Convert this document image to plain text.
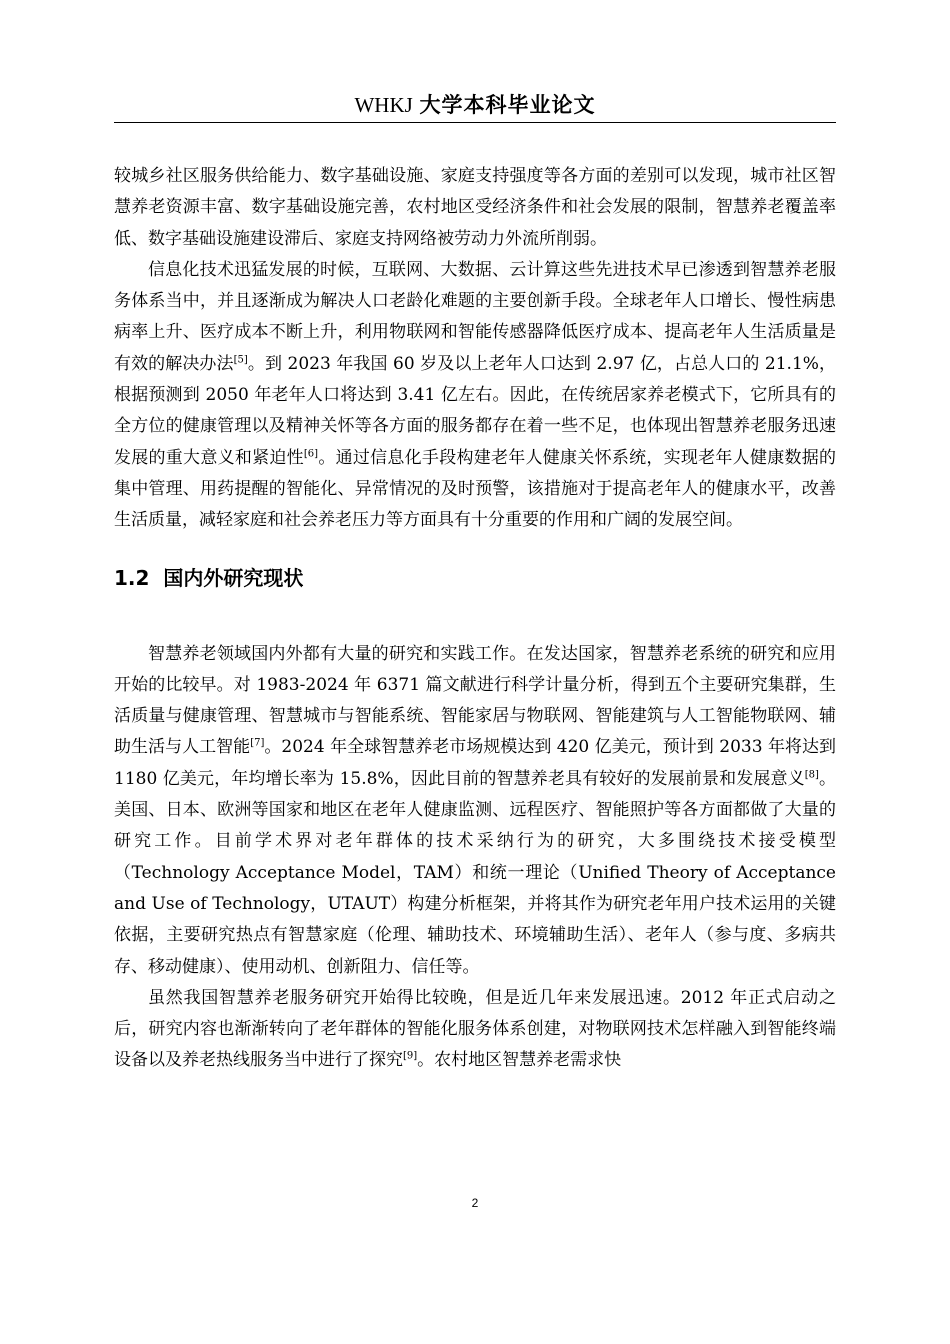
WHKJ 大学本科毕业论文

较城乡社区服务供给能力、数字基础设施、家庭支持强度等各方面的差别可以发现，城市社区智慧养老资源丰富、数字基础设施完善，农村地区受经济条件和社会发展的限制，智慧养老覆盖率低、数字基础设施建设滞后、家庭支持网络被劳动力外流所削弱。

信息化技术迅猛发展的时候，互联网、大数据、云计算这些先进技术早已渗透到智慧养老服务体系当中，并且逐渐成为解决人口老龄化难题的主要创新手段。全球老年人口增长、慢性病患病率上升、医疗成本不断上升，利用物联网和智能传感器降低医疗成本、提高老年人生活质量是有效的解决办法[5]。到 2023 年我国 60 岁及以上老年人口达到 2.97 亿，占总人口的 21.1%，根据预测到 2050 年老年人口将达到 3.41 亿左右。因此，在传统居家养老模式下，它所具有的全方位的健康管理以及精神关怀等各方面的服务都存在着一些不足，也体现出智慧养老服务迅速发展的重大意义和紧迫性[6]。通过信息化手段构建老年人健康关怀系统，实现老年人健康数据的集中管理、用药提醒的智能化、异常情况的及时预警，该措施对于提高老年人的健康水平，改善生活质量，减轻家庭和社会养老压力等方面具有十分重要的作用和广阔的发展空间。

1.2 国内外研究现状

智慧养老领域国内外都有大量的研究和实践工作。在发达国家，智慧养老系统的研究和应用开始的比较早。对 1983-2024 年 6371 篇文献进行科学计量分析，得到五个主要研究集群，生活质量与健康管理、智慧城市与智能系统、智能家居与物联网、智能建筑与人工智能物联网、辅助生活与人工智能[7]。2024 年全球智慧养老市场规模达到 420 亿美元，预计到 2033 年将达到 1180 亿美元，年均增长率为 15.8%，因此目前的智慧养老具有较好的发展前景和发展意义[8]。美国、日本、欧洲等国家和地区在老年人健康监测、远程医疗、智能照护等各方面都做了大量的研究工作。目前学术界对老年群体的技术采纳行为的研究，大多围绕技术接受模型（Technology Acceptance Model，TAM）和统一理论（Unified Theory of Acceptance and Use of Technology，UTAUT）构建分析框架，并将其作为研究老年用户技术运用的关键依据，主要研究热点有智慧家庭（伦理、辅助技术、环境辅助生活）、老年人（参与度、多病共存、移动健康）、使用动机、创新阻力、信任等。

虽然我国智慧养老服务研究开始得比较晚，但是近几年来发展迅速。2012 年正式启动之后，研究内容也渐渐转向了老年群体的智能化服务体系创建，对物联网技术怎样融入到智能终端设备以及养老热线服务当中进行了探究[9]。农村地区智慧养老需求快

2
